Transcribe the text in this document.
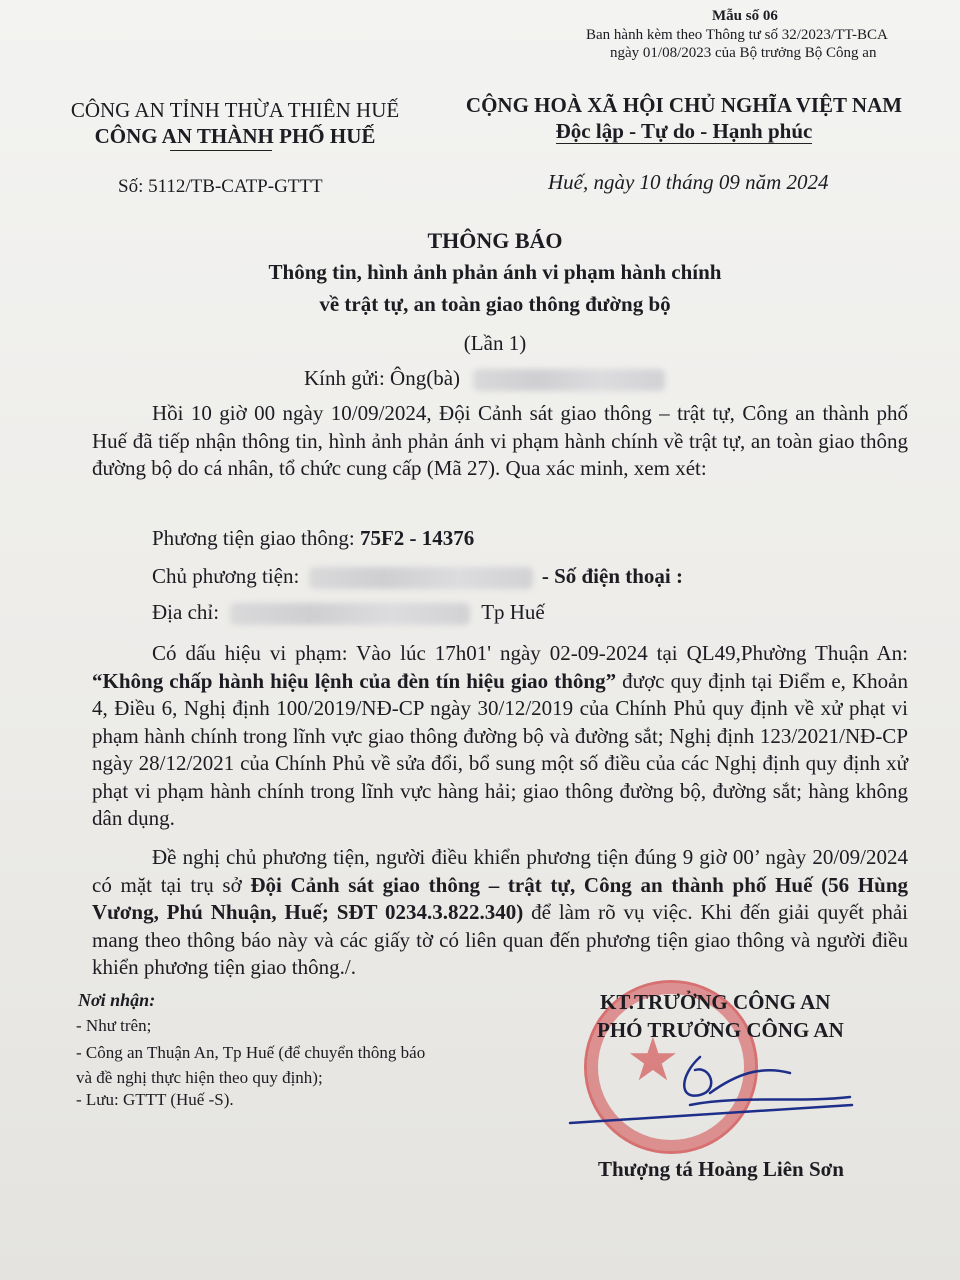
Mẫu số 06
Ban hành kèm theo Thông tư số 32/2023/TT-BCA
ngày 01/08/2023 của Bộ trưởng Bộ Công an
CÔNG AN TỈNH THỪA THIÊN HUẾ
CÔNG AN THÀNH PHỐ HUẾ
Số: 5112/TB-CATP-GTTT
CỘNG HOÀ XÃ HỘI CHỦ NGHĨA VIỆT NAM
Độc lập - Tự do - Hạnh phúc
Huế, ngày 10 tháng 09 năm 2024
THÔNG BÁO
Thông tin, hình ảnh phản ánh vi phạm hành chính
về trật tự, an toàn giao thông đường bộ
(Lần 1)
Kính gửi: Ông(bà)
Hồi 10 giờ 00 ngày 10/09/2024, Đội Cảnh sát giao thông – trật tự, Công an thành phố Huế đã tiếp nhận thông tin, hình ảnh phản ánh vi phạm hành chính về trật tự, an toàn giao thông đường bộ do cá nhân, tổ chức cung cấp (Mã 27). Qua xác minh, xem xét:
Phương tiện giao thông: 75F2 - 14376
Chủ phương tiện:	- Số điện thoại :
Địa chỉ:	Tp Huế
Có dấu hiệu vi phạm: Vào lúc 17h01' ngày 02-09-2024 tại QL49,Phường Thuận An: “Không chấp hành hiệu lệnh của đèn tín hiệu giao thông” được quy định tại Điểm e, Khoản 4, Điều 6, Nghị định 100/2019/NĐ-CP ngày 30/12/2019 của Chính Phủ quy định về xử phạt vi phạm hành chính trong lĩnh vực giao thông đường bộ và đường sắt; Nghị định 123/2021/NĐ-CP ngày 28/12/2021 của Chính Phủ về sửa đổi, bổ sung một số điều của các Nghị định quy định xử phạt vi phạm hành chính trong lĩnh vực hàng hải; giao thông đường bộ, đường sắt; hàng không dân dụng.
Đề nghị chủ phương tiện, người điều khiển phương tiện đúng 9 giờ 00’ ngày 20/09/2024 có mặt tại trụ sở Đội Cảnh sát giao thông – trật tự, Công an thành phố Huế (56 Hùng Vương, Phú Nhuận, Huế; SĐT 0234.3.822.340) để làm rõ vụ việc. Khi đến giải quyết phải mang theo thông báo này và các giấy tờ có liên quan đến phương tiện giao thông và người điều khiển phương tiện giao thông./.
Nơi nhận:
- Như trên;
- Công an Thuận An, Tp Huế (để chuyển thông báo
và đề nghị thực hiện theo quy định);
- Lưu: GTTT (Huế -S).
★
KT.TRƯỞNG CÔNG AN
PHÓ TRƯỞNG CÔNG AN
Thượng tá Hoàng Liên Sơn
